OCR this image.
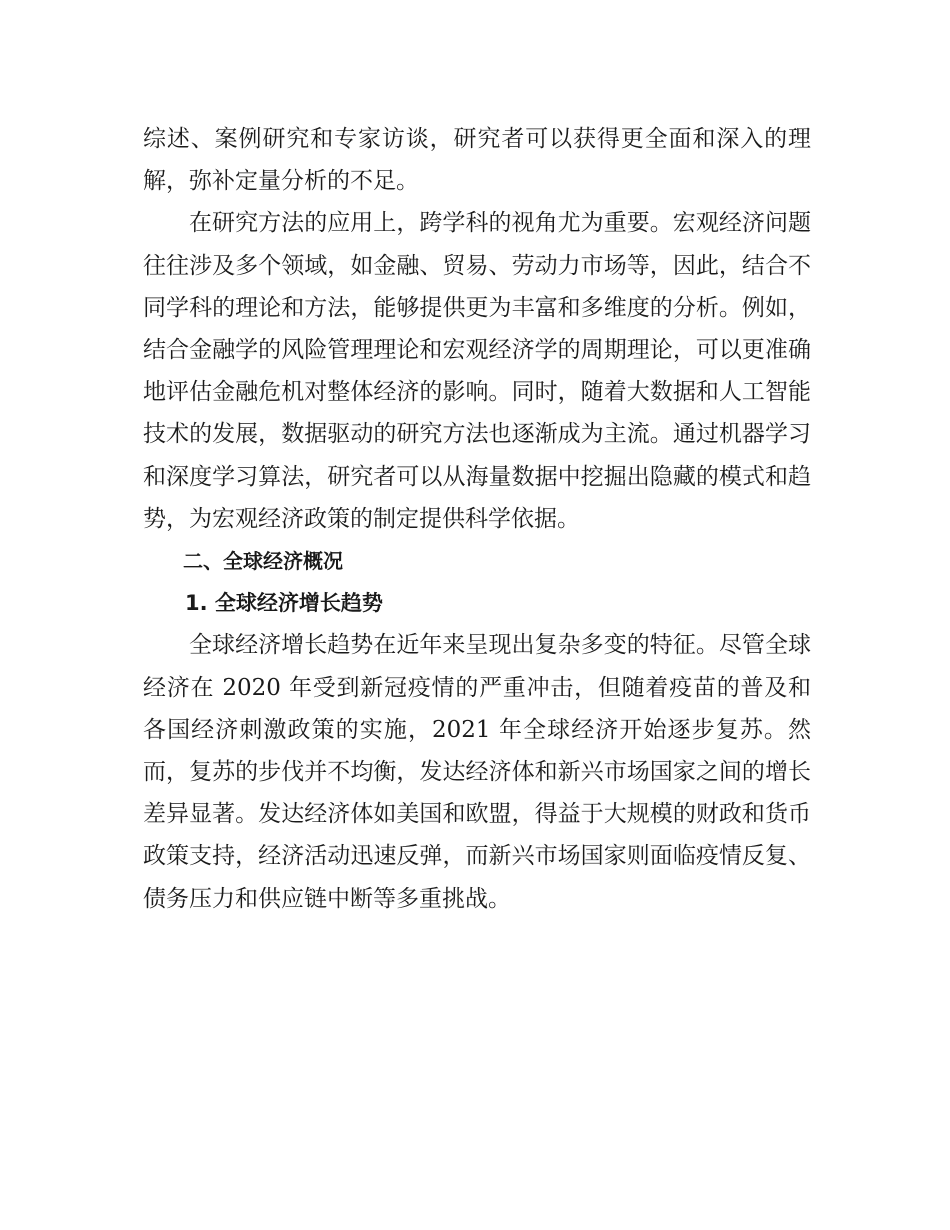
综述、案例研究和专家访谈，研究者可以获得更全面和深入的理解，弥补定量分析的不足。

在研究方法的应用上，跨学科的视角尤为重要。宏观经济问题往往涉及多个领域，如金融、贸易、劳动力市场等，因此，结合不同学科的理论和方法，能够提供更为丰富和多维度的分析。例如，结合金融学的风险管理理论和宏观经济学的周期理论，可以更准确地评估金融危机对整体经济的影响。同时，随着大数据和人工智能技术的发展，数据驱动的研究方法也逐渐成为主流。通过机器学习和深度学习算法，研究者可以从海量数据中挖掘出隐藏的模式和趋势，为宏观经济政策的制定提供科学依据。

二、全球经济概况
1. 全球经济增长趋势

全球经济增长趋势在近年来呈现出复杂多变的特征。尽管全球经济在 2020 年受到新冠疫情的严重冲击，但随着疫苗的普及和各国经济刺激政策的实施，2021 年全球经济开始逐步复苏。然而，复苏的步伐并不均衡，发达经济体和新兴市场国家之间的增长差异显著。发达经济体如美国和欧盟，得益于大规模的财政和货币政策支持，经济活动迅速反弹，而新兴市场国家则面临疫情反复、债务压力和供应链中断等多重挑战。
